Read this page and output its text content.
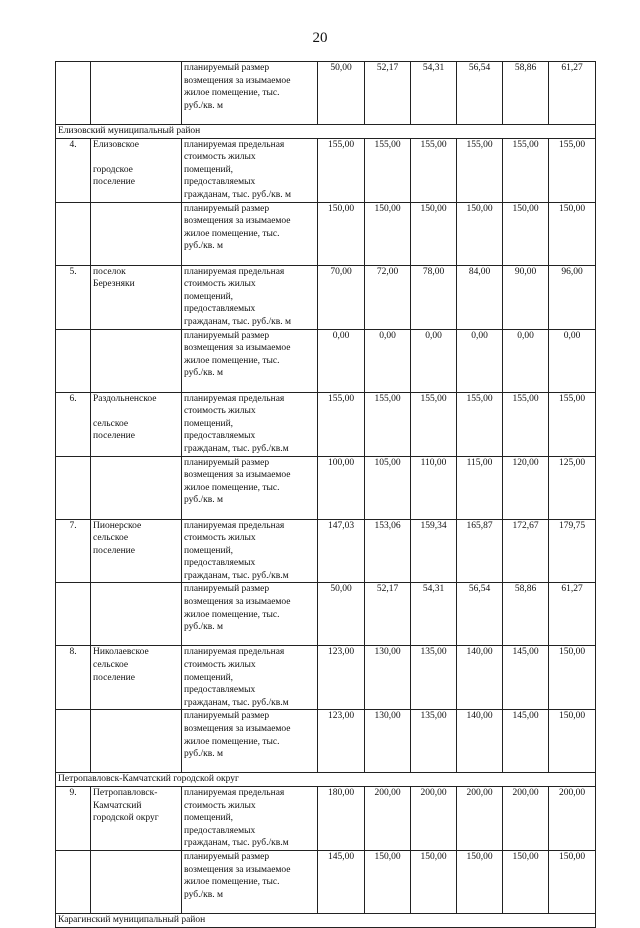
20
		планируемый размер
возмещения за изымаемое
жилое помещение, тыс.
руб./кв. м	50,00	52,17	54,31	56,54	58,86	61,27
Елизовский муниципальный район								
4.	Елизовское

городское
поселение	планируемая предельная
стоимость жилых
помещений,
предоставляемых
гражданам, тыс. руб./кв. м	155,00	155,00	155,00	155,00	155,00	155,00
		планируемый размер
возмещения за изымаемое
жилое помещение, тыс.
руб./кв. м	150,00	150,00	150,00	150,00	150,00	150,00
5.	поселок
Березняки	планируемая предельная
стоимость жилых
помещений,
предоставляемых
гражданам, тыс. руб./кв. м	70,00	72,00	78,00	84,00	90,00	96,00
		планируемый размер
возмещения за изымаемое
жилое помещение, тыс.
руб./кв. м	0,00	0,00	0,00	0,00	0,00	0,00
6.	Раздольненское

сельское
поселение	планируемая предельная
стоимость жилых
помещений,
предоставляемых
гражданам, тыс. руб./кв.м	155,00	155,00	155,00	155,00	155,00	155,00
		планируемый размер
возмещения за изымаемое
жилое помещение, тыс.
руб./кв. м	100,00	105,00	110,00	115,00	120,00	125,00
7.	Пионерское
сельское
поселение	планируемая предельная
стоимость жилых
помещений,
предоставляемых
гражданам, тыс. руб./кв.м	147,03	153,06	159,34	165,87	172,67	179,75
		планируемый размер
возмещения за изымаемое
жилое помещение, тыс.
руб./кв. м	50,00	52,17	54,31	56,54	58,86	61,27
8.	Николаевское
сельское
поселение	планируемая предельная
стоимость жилых
помещений,
предоставляемых
гражданам, тыс. руб./кв.м	123,00	130,00	135,00	140,00	145,00	150,00
		планируемый размер
возмещения за изымаемое
жилое помещение, тыс.
руб./кв. м	123,00	130,00	135,00	140,00	145,00	150,00
Петропавловск-Камчатский городской округ								
9.	Петропавловск-
Камчатский
городской округ	планируемая предельная
стоимость жилых
помещений,
предоставляемых
гражданам, тыс. руб./кв.м	180,00	200,00	200,00	200,00	200,00	200,00
		планируемый размер
возмещения за изымаемое
жилое помещение, тыс.
руб./кв. м	145,00	150,00	150,00	150,00	150,00	150,00
Карагинский муниципальный район								
